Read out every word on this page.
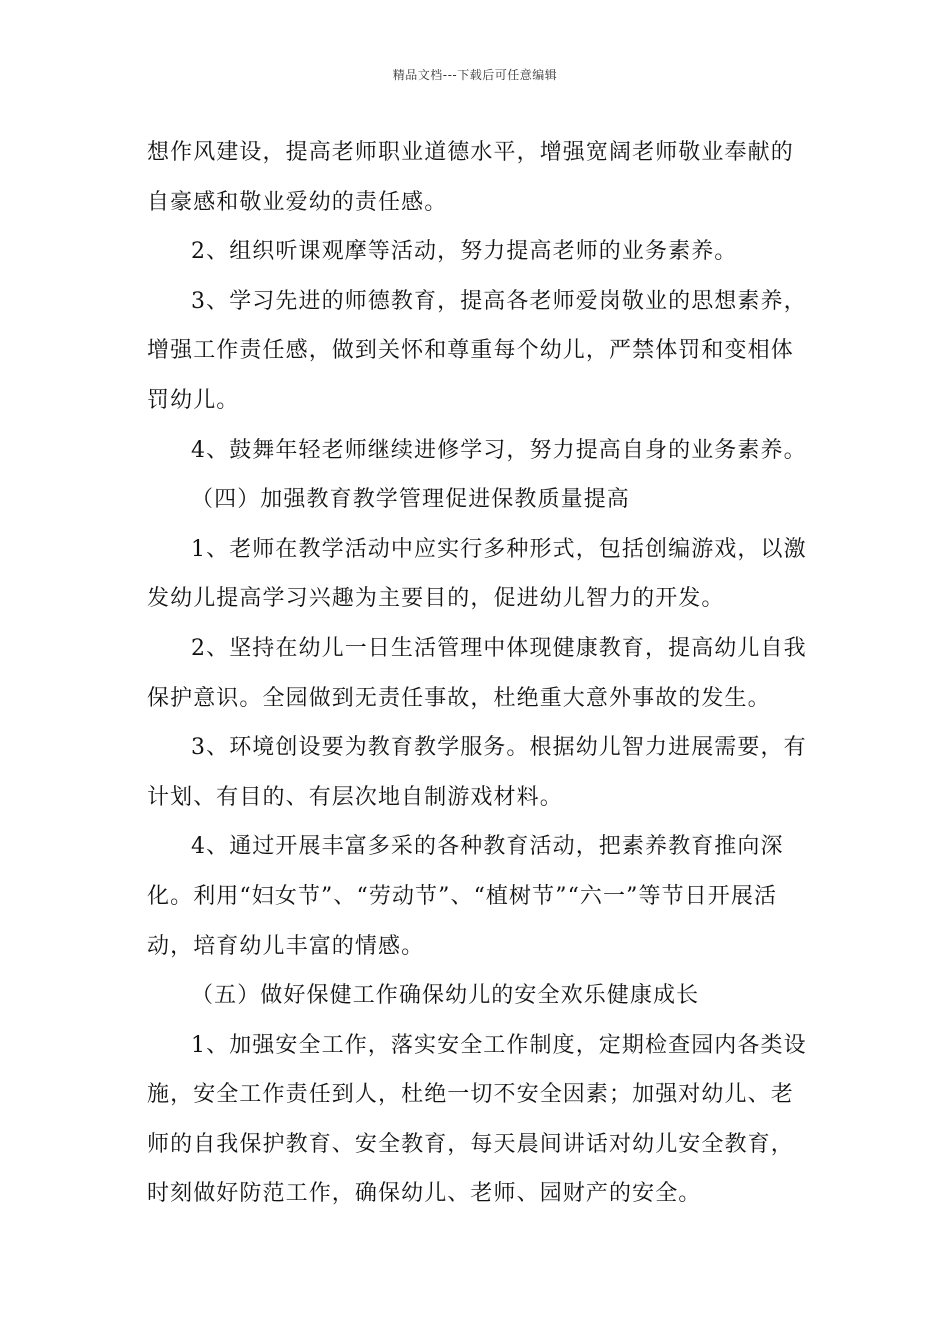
精品文档---下载后可任意编辑

想作风建设，提高老师职业道德水平，增强宽阔老师敬业奉献的自豪感和敬业爱幼的责任感。

2、组织听课观摩等活动，努力提高老师的业务素养。

3、学习先进的师德教育，提高各老师爱岗敬业的思想素养，增强工作责任感，做到关怀和尊重每个幼儿，严禁体罚和变相体罚幼儿。

4、鼓舞年轻老师继续进修学习，努力提高自身的业务素养。

（四）加强教育教学管理促进保教质量提高

1、老师在教学活动中应实行多种形式，包括创编游戏，以激发幼儿提高学习兴趣为主要目的，促进幼儿智力的开发。

2、坚持在幼儿一日生活管理中体现健康教育，提高幼儿自我保护意识。全园做到无责任事故，杜绝重大意外事故的发生。

3、环境创设要为教育教学服务。根据幼儿智力进展需要，有计划、有目的、有层次地自制游戏材料。

4、通过开展丰富多采的各种教育活动，把素养教育推向深化。利用“妇女节”、“劳动节”、“植树节”“六一”等节日开展活动，培育幼儿丰富的情感。

（五）做好保健工作确保幼儿的安全欢乐健康成长

1、加强安全工作，落实安全工作制度，定期检查园内各类设施，安全工作责任到人，杜绝一切不安全因素；加强对幼儿、老师的自我保护教育、安全教育，每天晨间讲话对幼儿安全教育，时刻做好防范工作，确保幼儿、老师、园财产的安全。
